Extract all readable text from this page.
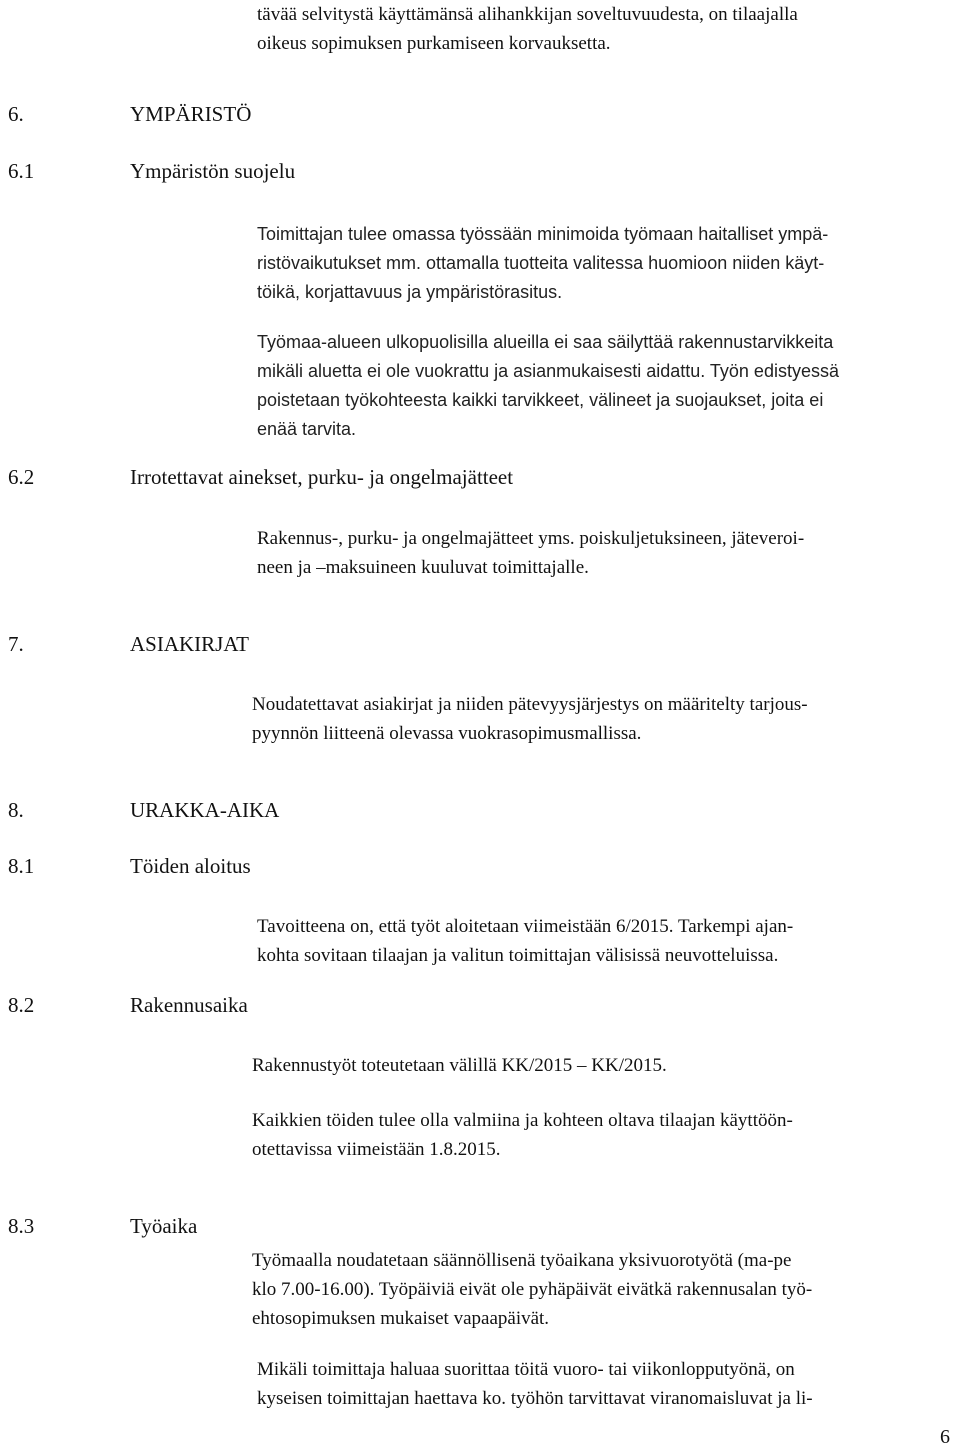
tävää selvitystä käyttämänsä alihankkijan soveltuvuudesta, on tilaajalla
oikeus sopimuksen purkamiseen korvauksetta.
6.	YMPÄRISTÖ
6.1	Ympäristön suojelu
Toimittajan tulee omassa työssään minimoida työmaan haitalliset ympä-
ristövaikutukset mm. ottamalla tuotteita valitessa huomioon niiden käyt-
töikä, korjattavuus ja ympäristörasitus.
Työmaa-alueen ulkopuolisilla alueilla ei saa säilyttää rakennustarvikkeita
mikäli aluetta ei ole vuokrattu ja asianmukaisesti aidattu. Työn edistyessä
poistetaan työkohteesta kaikki tarvikkeet, välineet ja suojaukset, joita ei
enää tarvita.
6.2	Irrotettavat ainekset, purku- ja ongelmajätteet
Rakennus-, purku- ja ongelmajätteet yms. poiskuljetuksineen, jäteveroi-
neen ja –maksuineen kuuluvat toimittajalle.
7.	ASIAKIRJAT
Noudatettavat asiakirjat ja niiden pätevyysjärjestys on määritelty tarjous-
pyynnön liitteenä olevassa vuokrasopimusmallissa.
8.	URAKKA-AIKA
8.1	Töiden aloitus
Tavoitteena on, että työt aloitetaan viimeistään 6/2015. Tarkempi ajan-
kohta sovitaan tilaajan ja valitun toimittajan välisissä neuvotteluissa.
8.2	Rakennusaika
Rakennustyöt toteutetaan välillä KK/2015 – KK/2015.
Kaikkien töiden tulee olla valmiina ja kohteen oltava tilaajan käyttöön-
otettavissa viimeistään 1.8.2015.
8.3	Työaika
Työmaalla noudatetaan säännöllisenä työaikana yksivuorotyötä (ma-pe
klo 7.00-16.00). Työpäiviä eivät ole pyhäpäivät eivätkä rakennusalan työ-
ehtosopimuksen mukaiset vapaapäivät.
Mikäli toimittaja haluaa suorittaa töitä vuoro- tai viikonlopputyönä, on
kyseisen toimittajan haettava ko. työhön tarvittavat viranomaisluvat ja li-
6
